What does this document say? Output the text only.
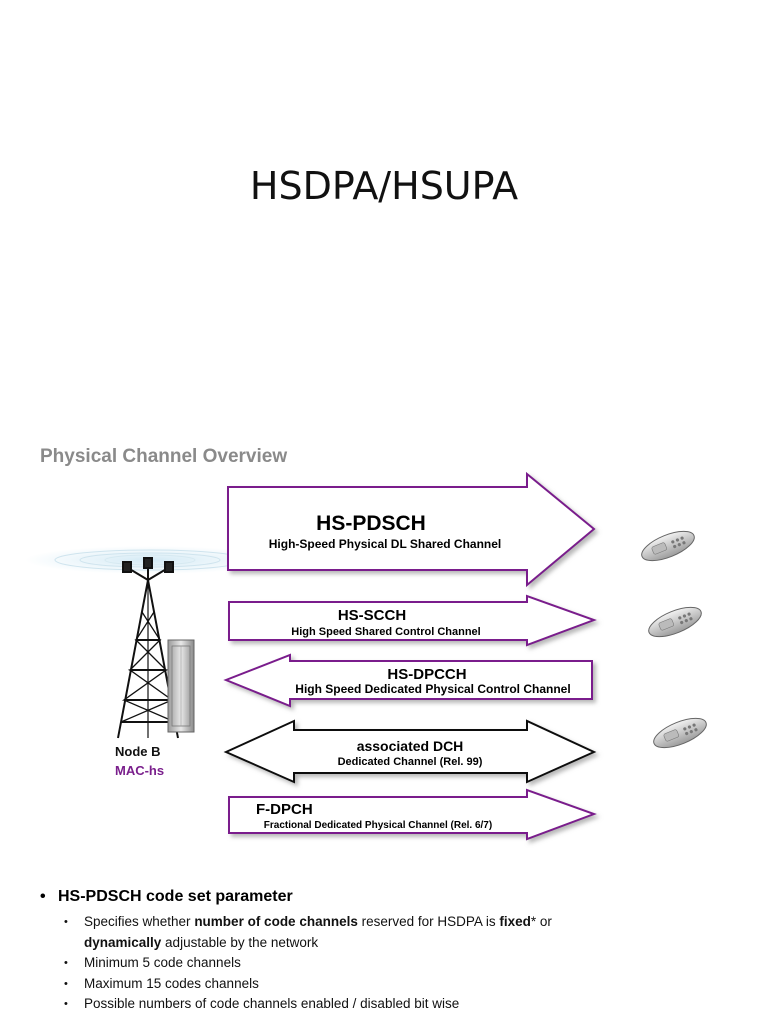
HSDPA/HSUPA
Physical Channel Overview
Node B
MAC-hs
HS-PDSCH
High-Speed Physical DL Shared Channel
HS-SCCH
High Speed Shared Control Channel
HS-DPCCH
High Speed Dedicated Physical Control Channel
associated DCH
Dedicated Channel (Rel. 99)
F-DPCH
Fractional Dedicated Physical Channel (Rel. 6/7)
• HS-PDSCH code set parameter
•	Specifies whether number of code channels reserved for HSDPA is fixed* or
dynamically adjustable by the network
•	Minimum 5 code channels
•	Maximum 15 codes channels
•	Possible numbers of code channels enabled / disabled bit wise
